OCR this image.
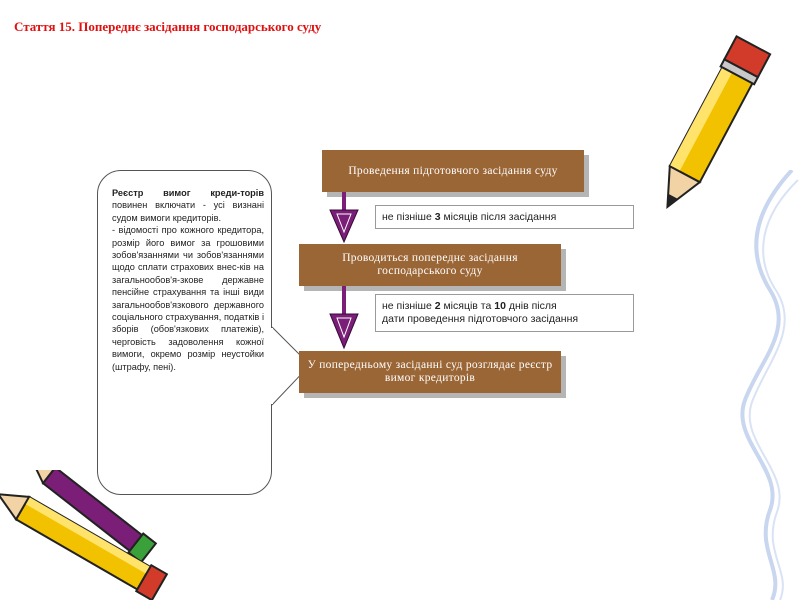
Стаття 15. Попереднє засідання господарського суду
Реєстр вимог креди-торів повинен включати - усі визнані судом вимоги кредиторів.
- відомості про кожного кредитора, розмір його вимог за грошовими зобов'язаннями чи зобов'язаннями щодо сплати страхових внес-ків на загальнообов'я-зкове державне пенсійне страхування та інші види загальнообов'язкового державного соціального страхування, податків і зборів (обов'язкових платежів), черговість задоволення кожної вимоги, окремо розмір неустойки (штрафу, пені).
Проведення підготовчого засідання суду
Проводиться попереднє засідання господарського суду
У попередньому засіданні суд розглядає реєстр вимог кредиторів
не пізніше 3 місяців після засідання
не пізніше 2 місяців та 10 днів після
дати проведення підготовчого засідання
